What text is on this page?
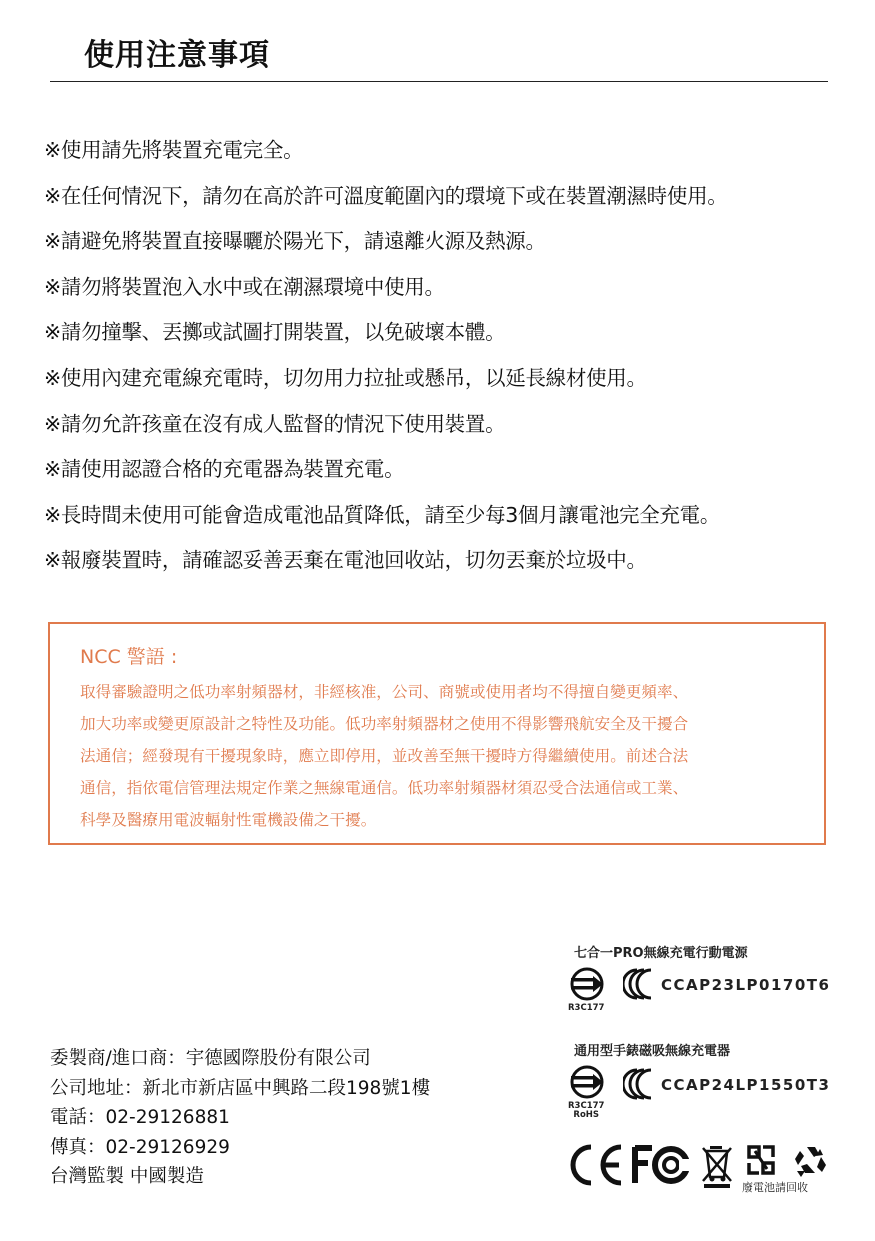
使用注意事項
※使用請先將裝置充電完全。
※在任何情況下，請勿在高於許可溫度範圍內的環境下或在裝置潮濕時使用。
※請避免將裝置直接曝曬於陽光下，請遠離火源及熱源。
※請勿將裝置泡入水中或在潮濕環境中使用。
※請勿撞擊、丟擲或試圖打開裝置，以免破壞本體。
※使用內建充電線充電時，切勿用力拉扯或懸吊，以延長線材使用。
※請勿允許孩童在沒有成人監督的情況下使用裝置。
※請使用認證合格的充電器為裝置充電。
※長時間未使用可能會造成電池品質降低，請至少每3個月讓電池完全充電。
※報廢裝置時，請確認妥善丟棄在電池回收站，切勿丟棄於垃圾中。
NCC 警語 :
取得審驗證明之低功率射頻器材，非經核准，公司、商號或使用者均不得擅自變更頻率、
加大功率或變更原設計之特性及功能。低功率射頻器材之使用不得影響飛航安全及干擾合
法通信；經發現有干擾現象時，應立即停用，並改善至無干擾時方得繼續使用。前述合法
通信，指依電信管理法規定作業之無線電通信。低功率射頻器材須忍受合法通信或工業、
科學及醫療用電波輻射性電機設備之干擾。
委製商/進口商：宇德國際股份有限公司
公司地址：新北市新店區中興路二段198號1樓
電話：02-29126881
傳真：02-29126929
台灣監製 中國製造
七合一PRO無線充電行動電源
R3C177
CCAP23LP0170T6
通用型手錶磁吸無線充電器
R3C177
RoHS
CCAP24LP1550T3
廢電池請回收
